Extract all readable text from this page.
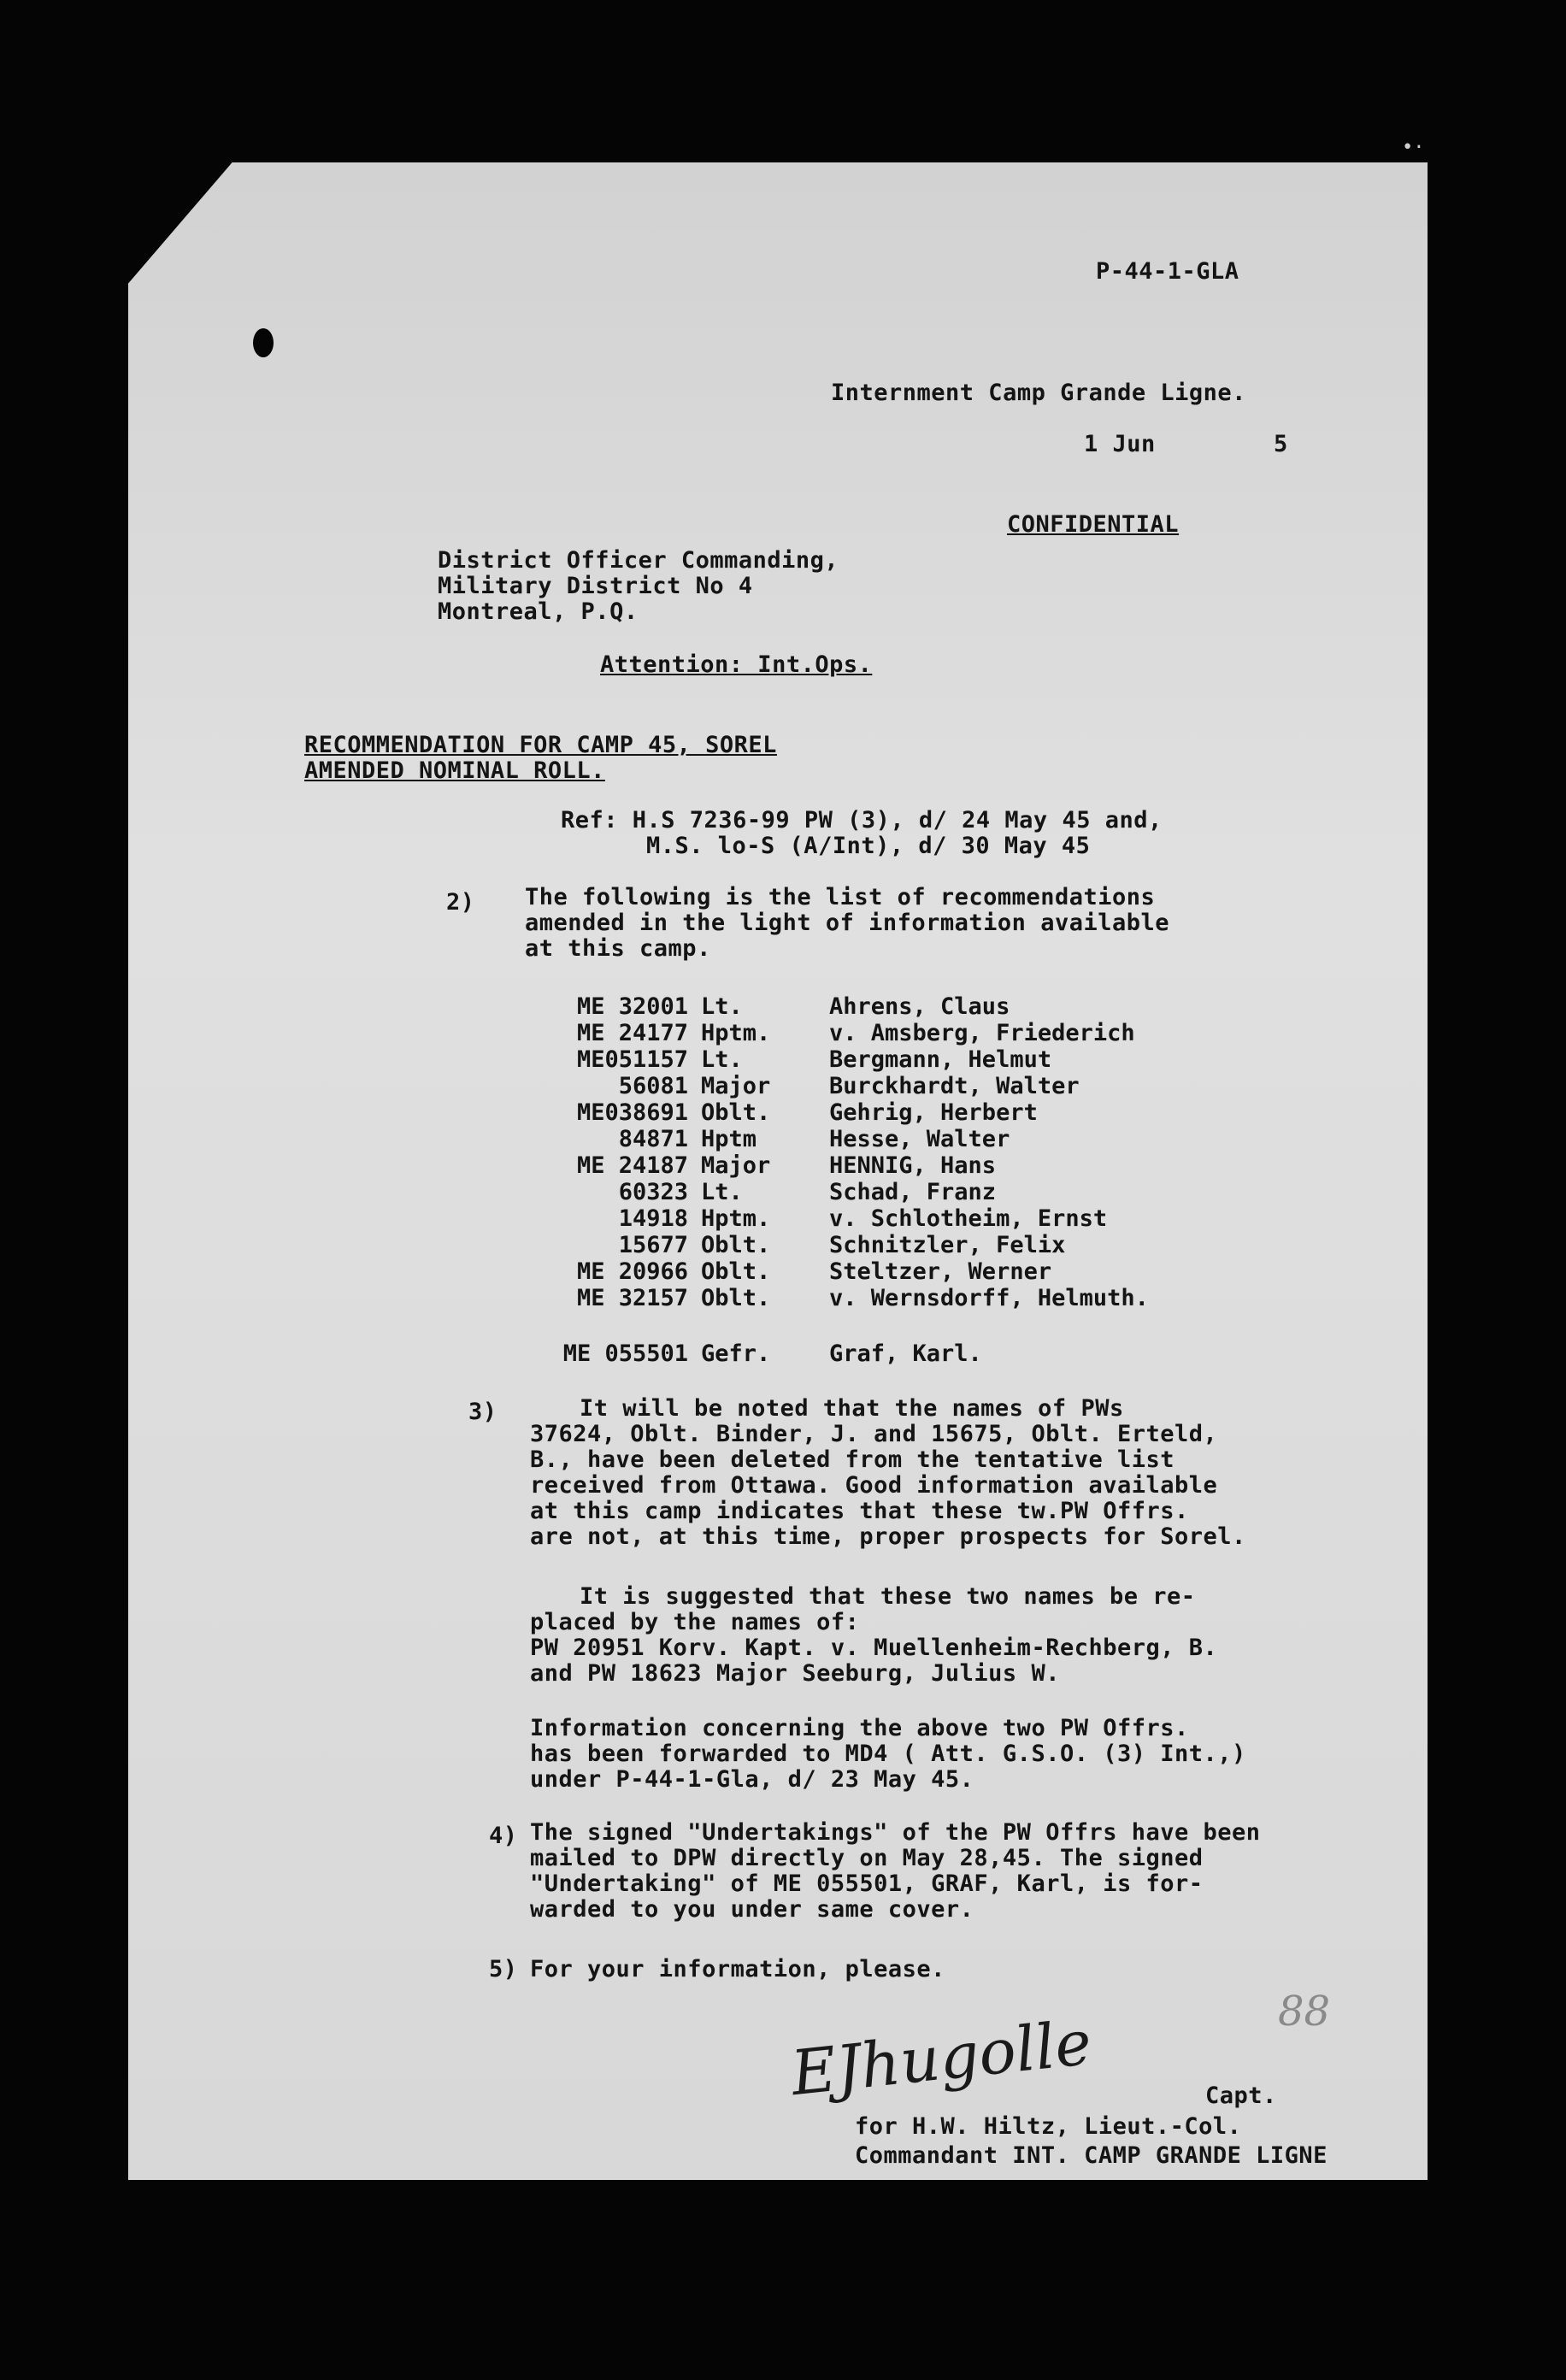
•·
P-44-1-GLA
Internment Camp Grande Ligne.
1 Jun	5
CONFIDENTIAL
District Officer Commanding,
Military District No 4
Montreal, P.Q.
Attention: Int.Ops.
RECOMMENDATION FOR CAMP 45, SOREL
AMENDED NOMINAL ROLL.
Ref: H.S 7236-99 PW (3), d/ 24 May 45 and,
M.S. lo-S (A/Int), d/ 30 May 45
2) The following is the list of recommendations
amended in the light of information available
at this camp.
ME 32001 Lt.	Ahrens, Claus
ME 24177 Hptm.	v. Amsberg, Friederich
ME051157 Lt.	Bergmann, Helmut
56081 Major	Burckhardt, Walter
ME038691 Oblt.	Gehrig, Herbert
84871 Hptm	Hesse, Walter
ME 24187 Major	HENNIG, Hans
60323 Lt.	Schad, Franz
14918 Hptm.	v. Schlotheim, Ernst
15677 Oblt.	Schnitzler, Felix
ME 20966 Oblt.	Steltzer, Werner
ME 32157 Oblt.	v. Wernsdorff, Helmuth.
ME 055501 Gefr.	Graf, Karl.
3)	It will be noted that the names of PWs
37624, Oblt. Binder, J. and 15675, Oblt. Erteld,
B., have been deleted from the tentative list
received from Ottawa. Good information available
at this camp indicates that these tw.PW Offrs.
are not, at this time, proper prospects for Sorel.
It is suggested that these two names be re-
placed by the names of:
PW 20951 Korv. Kapt. v. Muellenheim-Rechberg, B.
and PW 18623 Major Seeburg, Julius W.
Information concerning the above two PW Offrs.
has been forwarded to MD4 ( Att. G.S.O. (3) Int.,)
under P-44-1-Gla, d/ 23 May 45.
4) The signed "Undertakings" of the PW Offrs have been
mailed to DPW directly on May 28,45. The signed
"Undertaking" of ME 055501, GRAF, Karl, is for-
warded to you under same cover.
5) For your information, please.
88
EJhugolle	Capt.
for H.W. Hiltz, Lieut.-Col.
Commandant INT. CAMP GRANDE LIGNE
